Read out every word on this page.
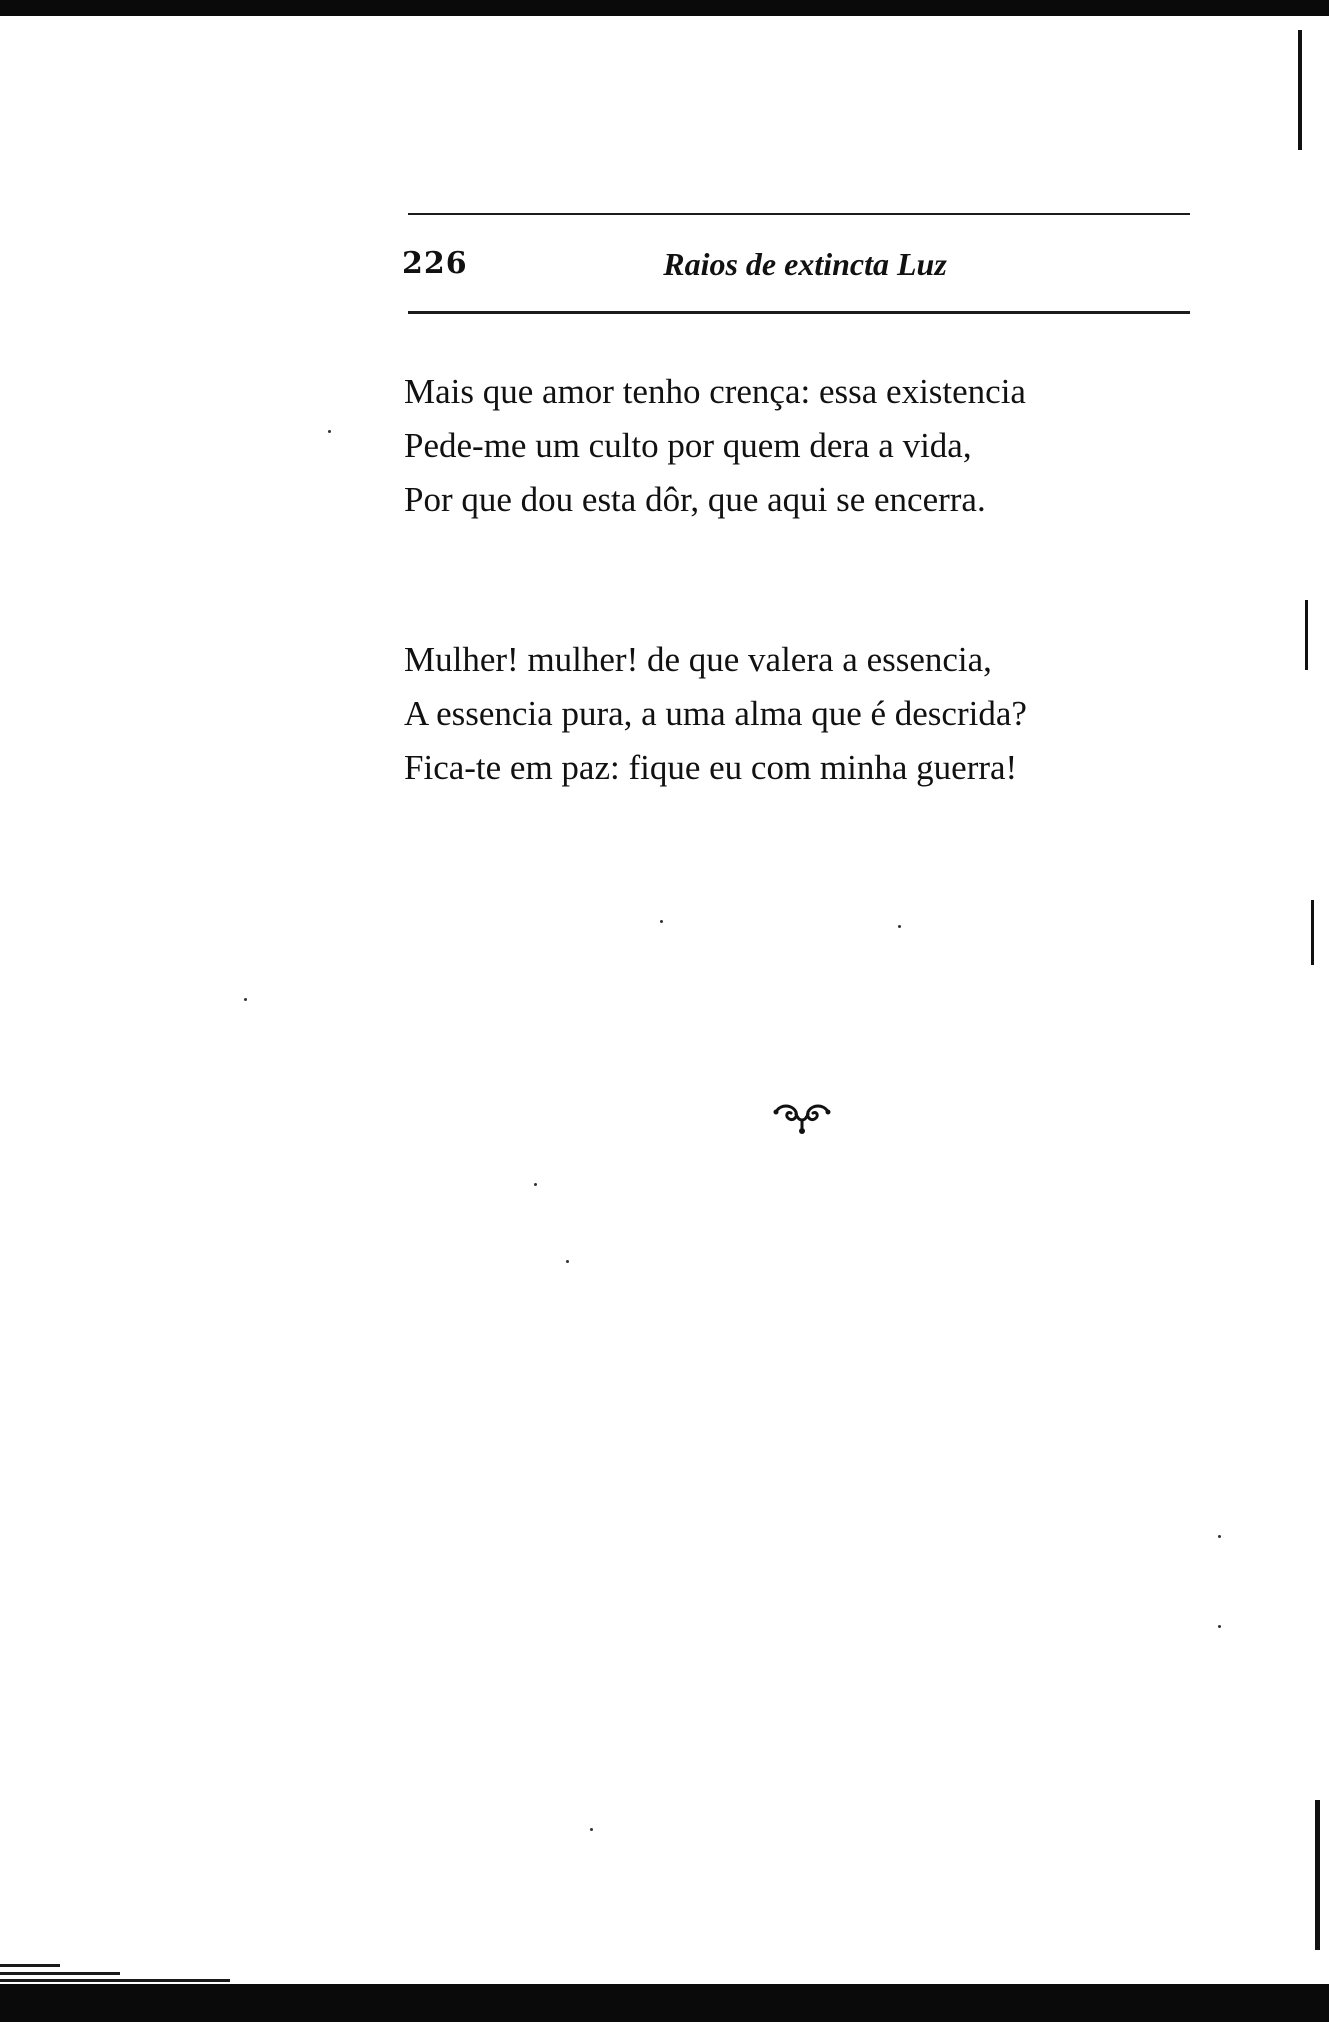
226	Raios de extincta Luz
Mais que amor tenho crença: essa existencia
Pede-me um culto por quem dera a vida,
Por que dou esta dôr, que aqui se encerra.
Mulher! mulher! de que valera a essencia,
A essencia pura, a uma alma que é descrida?
Fica-te em paz: fique eu com minha guerra!
